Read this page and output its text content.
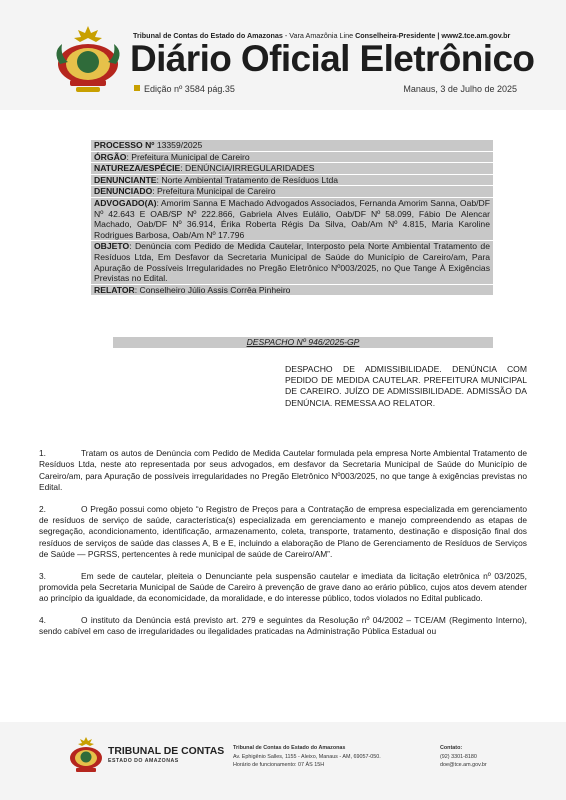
Tribunal de Contas do Estado do Amazonas - Vara Amazônia Line Conselheira-Presidente | www2.tce.am.gov.br
Diário Oficial Eletrônico
Edição nº 3584 pág.35	Manaus, 3 de Julho de 2025
PROCESSO Nº 13359/2025
ÓRGÃO: Prefeitura Municipal de Careiro
NATUREZA/ESPÉCIE: DENÚNCIA/IRREGULARIDADES
DENUNCIANTE: Norte Ambiental Tratamento de Resíduos Ltda
DENUNCIADO: Prefeitura Municipal de Careiro
ADVOGADO(A): Amorim Sanna E Machado Advogados Associados, Fernanda Amorim Sanna, Oab/DF Nº 42.643 E OAB/SP Nº 222.866, Gabriela Alves Eulálio, Oab/DF Nº 58.099, Fábio De Alencar Machado, Oab/DF Nº 36.914, Érika Roberta Régis Da Silva, Oab/Am Nº 4.815, Maria Karoline Rodrigues Barbosa, Oab/Am Nº 17.796
OBJETO: Denúncia com Pedido de Medida Cautelar, Interposto pela Norte Ambiental Tratamento de Resíduos Ltda, Em Desfavor da Secretaria Municipal de Saúde do Município de Careiro/am, Para Apuração de Possíveis Irregularidades no Pregão Eletrônico Nº003/2025, no Que Tange À Exigências Previstas no Edital.
RELATOR: Conselheiro Júlio Assis Corrêa Pinheiro
DESPACHO Nº 946/2025-GP
DESPACHO DE ADMISSIBILIDADE. DENÚNCIA COM PEDIDO DE MEDIDA CAUTELAR. PREFEITURA MUNICIPAL DE CAREIRO. JUÍZO DE ADMISSIBILIDADE. ADMISSÃO DA DENÚNCIA. REMESSA AO RELATOR.

1.	Tratam os autos de Denúncia com Pedido de Medida Cautelar formulada pela empresa Norte Ambiental Tratamento de Resíduos Ltda, neste ato representada por seus advogados, em desfavor da Secretaria Municipal de Saúde do Município de Careiro/am, para Apuração de possíveis irregularidades no Pregão Eletrônico Nº003/2025, no que tange à exigências previstas no Edital.

2.	O Pregão possui como objeto “o Registro de Preços para a Contratação de empresa especializada em gerenciamento de resíduos de serviço de saúde, característica(s) especializada em gerenciamento e manejo compreendendo as etapas de segregação, acondicionamento, identificação, armazenamento, coleta, transporte, tratamento, destinação e disposição final dos resíduos de serviços de saúde das classes A, B e E, incluindo a elaboração de Plano de Gerenciamento de Resíduos de Serviços de Saúde — PGRSS, pertencentes à rede municipal de saúde de Careiro/AM”.

3.	Em sede de cautelar, pleiteia o Denunciante pela suspensão cautelar e imediata da licitação eletrônica nº 03/2025, promovida pela Secretaria Municipal de Saúde de Careiro à prevenção de grave dano ao erário público, cujos atos devem atender ao princípio da igualdade, da economicidade, da moralidade, e do interesse público, todos violados no Edital publicado.

4.	O instituto da Denúncia está previsto art. 279 e seguintes da Resolução nº 04/2002 – TCE/AM (Regimento Interno), sendo cabível em caso de irregularidades ou ilegalidades praticadas na Administração Pública Estadual ou

TRIBUNAL DE CONTAS
ESTADO DO AMAZONAS
Tribunal de Contas do Estado do Amazonas
Av. Ephigênio Salles, 1155 - Aleixo, Manaus - AM, 69057-050.
Horário de funcionamento: 07 ÀS 15H
Contato:
(92) 3301-8180
doe@tce.am.gov.br
